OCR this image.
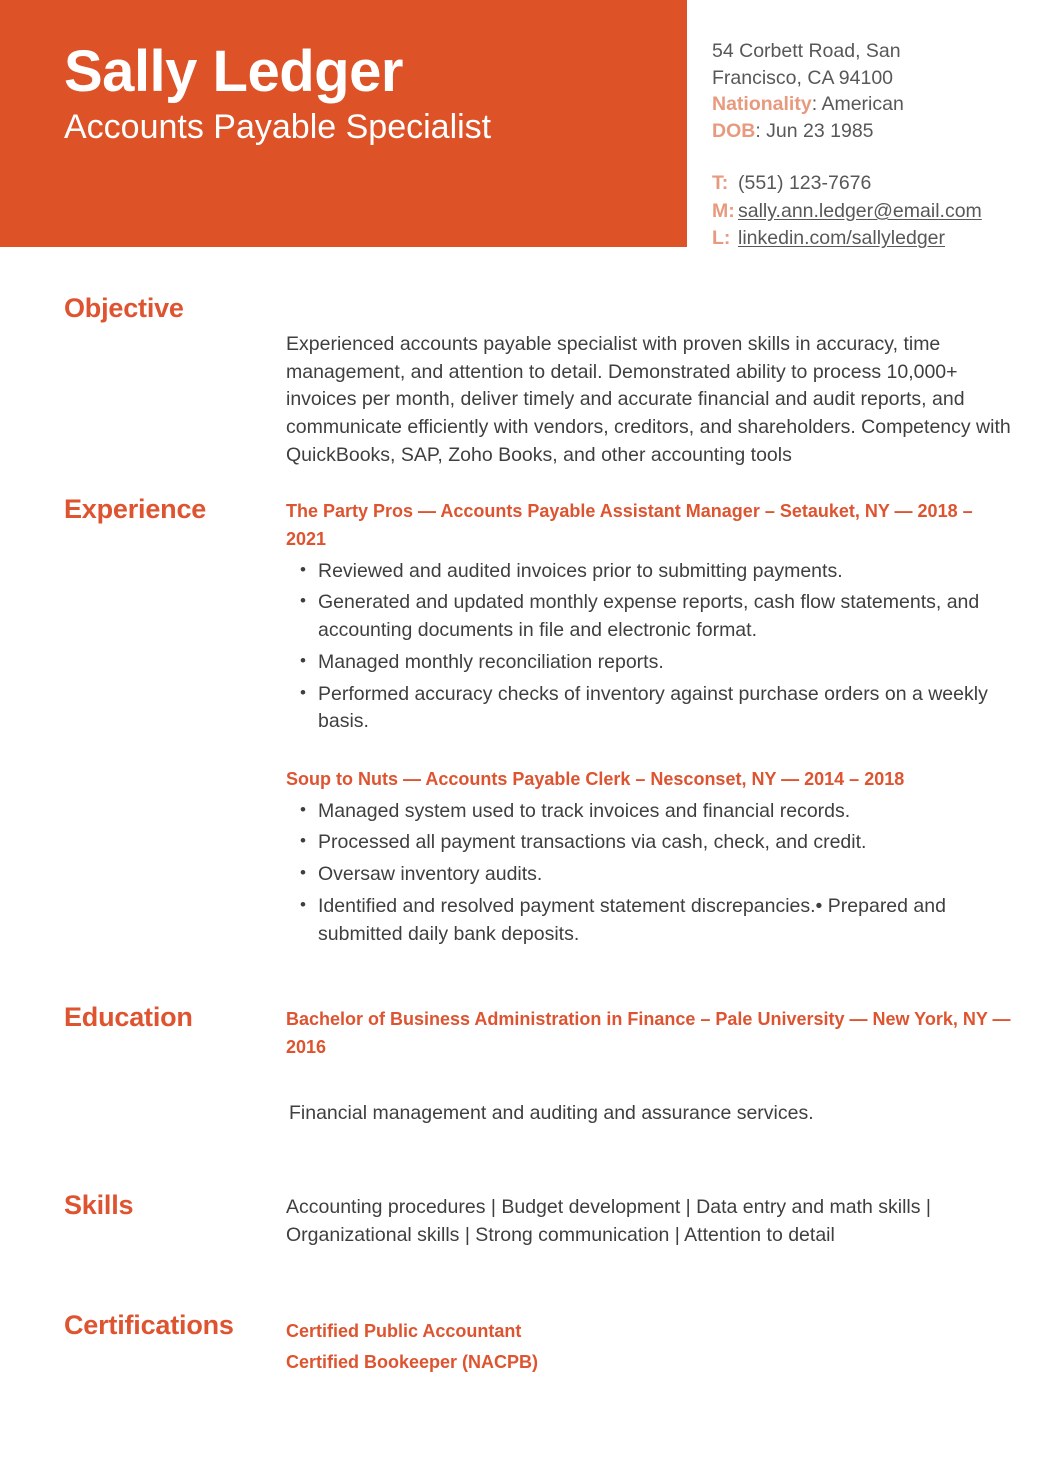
Sally Ledger
Accounts Payable Specialist
54 Corbett Road, San
Francisco, CA 94100
Nationality: American
DOB: Jun 23 1985
T: (551) 123-7676
M: sally.ann.ledger@email.com
L: linkedin.com/sallyledger
Objective
Experienced accounts payable specialist with proven skills in accuracy, time management, and attention to detail. Demonstrated ability to process 10,000+ invoices per month, deliver timely and accurate financial and audit reports, and communicate efficiently with vendors, creditors, and shareholders. Competency with QuickBooks, SAP, Zoho Books, and other accounting tools
Experience	The Party Pros — Accounts Payable Assistant Manager – Setauket, NY — 2018 – 2021
• Reviewed and audited invoices prior to submitting payments.
• Generated and updated monthly expense reports, cash flow statements, and accounting documents in file and electronic format.
• Managed monthly reconciliation reports.
• Performed accuracy checks of inventory against purchase orders on a weekly basis.
Soup to Nuts — Accounts Payable Clerk – Nesconset, NY — 2014 – 2018
• Managed system used to track invoices and financial records.
• Processed all payment transactions via cash, check, and credit.
• Oversaw inventory audits.
• Identified and resolved payment statement discrepancies.• Prepared and submitted daily bank deposits.
Education	Bachelor of Business Administration in Finance – Pale University — New York, NY — 2016
Financial management and auditing and assurance services.
Skills	Accounting procedures | Budget development | Data entry and math skills | Organizational skills | Strong communication | Attention to detail
Certifications	Certified Public Accountant
Certified Bookeeper (NACPB)
